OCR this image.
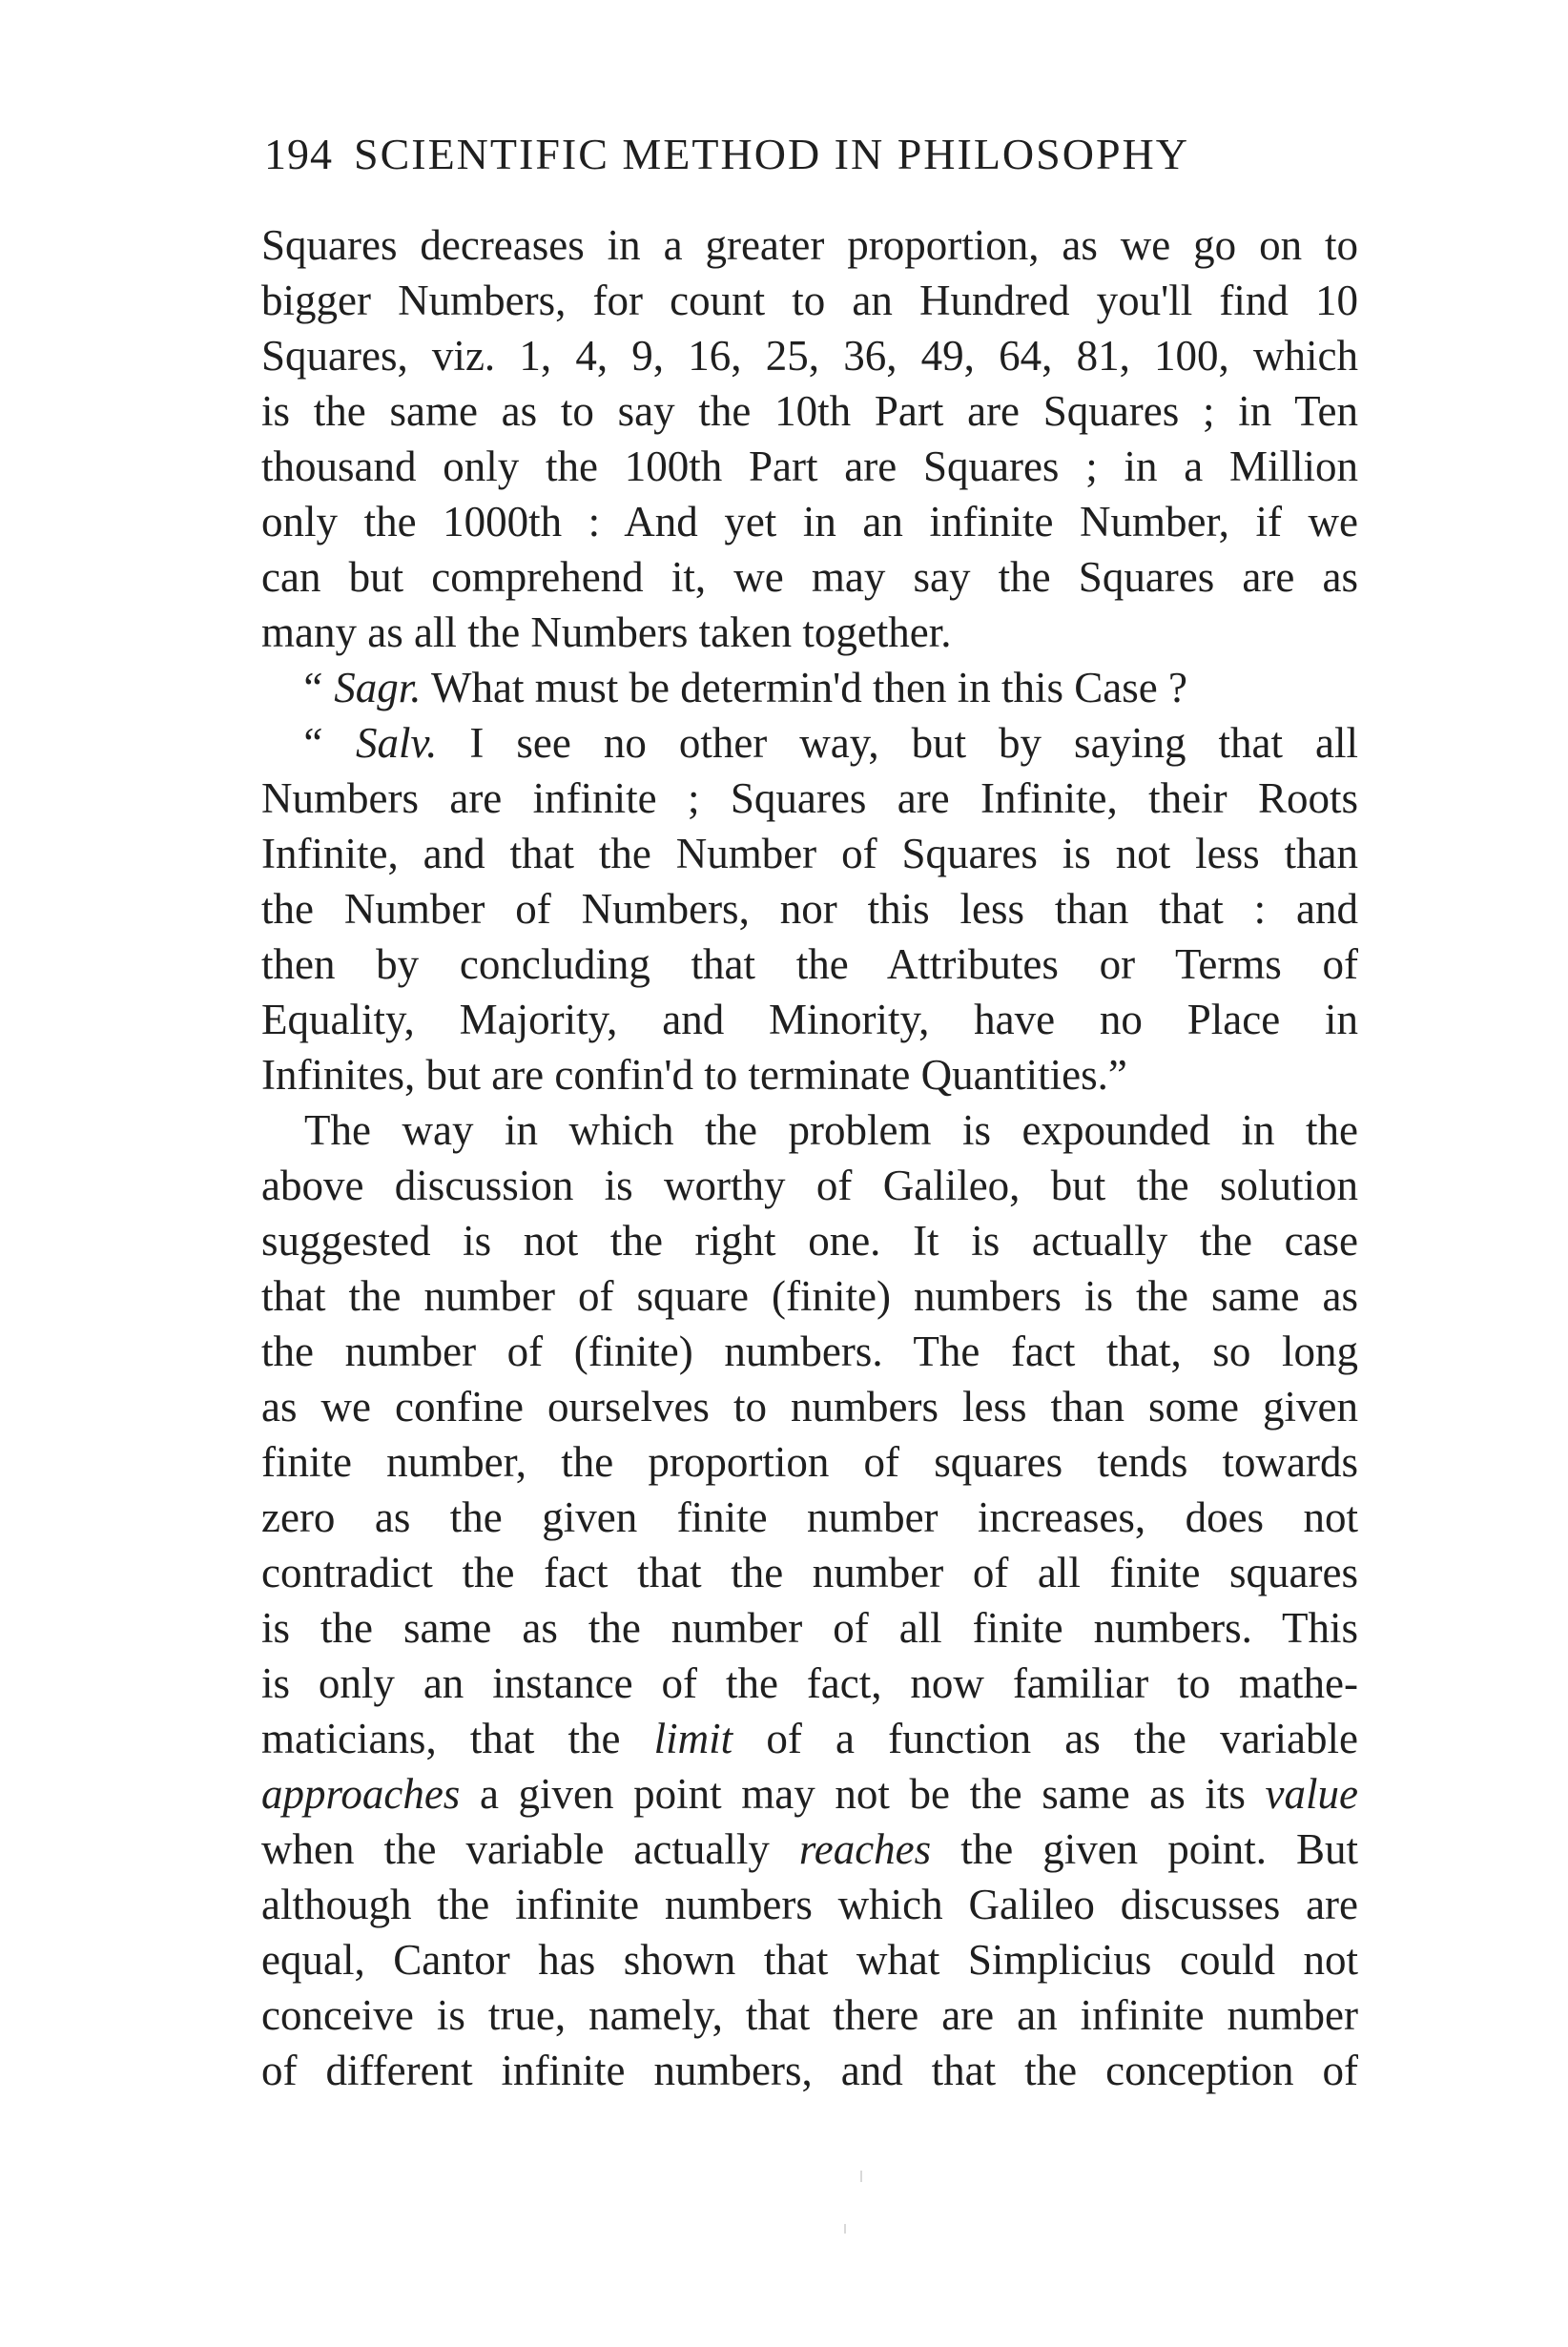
194 SCIENTIFIC METHOD IN PHILOSOPHY
Squares decreases in a greater proportion, as we go on to
bigger Numbers, for count to an Hundred you'll find 10
Squares, viz. 1, 4, 9, 16, 25, 36, 49, 64, 81, 100, which
is the same as to say the 10th Part are Squares ; in Ten
thousand only the 100th Part are Squares ; in a Million
only the 1000th : And yet in an infinite Number, if we
can but comprehend it, we may say the Squares are as
many as all the Numbers taken together.
“ Sagr. What must be determin'd then in this Case ?
“ Salv. I see no other way, but by saying that all
Numbers are infinite ; Squares are Infinite, their Roots
Infinite, and that the Number of Squares is not less than
the Number of Numbers, nor this less than that : and
then by concluding that the Attributes or Terms of
Equality, Majority, and Minority, have no Place in
Infinites, but are confin'd to terminate Quantities.”
The way in which the problem is expounded in the
above discussion is worthy of Galileo, but the solution
suggested is not the right one. It is actually the case
that the number of square (finite) numbers is the same as
the number of (finite) numbers. The fact that, so long
as we confine ourselves to numbers less than some given
finite number, the proportion of squares tends towards
zero as the given finite number increases, does not
contradict the fact that the number of all finite squares
is the same as the number of all finite numbers. This
is only an instance of the fact, now familiar to mathe-
maticians, that the limit of a function as the variable
approaches a given point may not be the same as its value
when the variable actually reaches the given point. But
although the infinite numbers which Galileo discusses are
equal, Cantor has shown that what Simplicius could not
conceive is true, namely, that there are an infinite number
of different infinite numbers, and that the conception of
